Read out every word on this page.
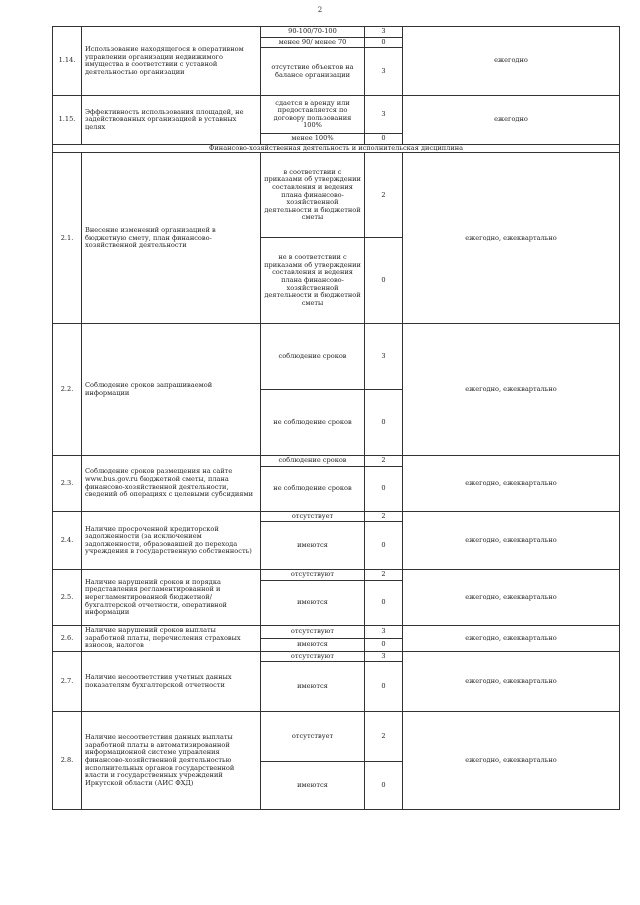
2
1.14.	Использование находящегося в оперативном управлении организации недвижимого имущества в соответствии с уставной деятельностью организации	90-100/70-100	3	ежегодно
		менее 90/ менее 70	0	
		отсутствие объектов на балансе организации	3	
1.15.	Эффективность использования площадей, не задействованных организацией в уставных целях	сдается в аренду или предоставляется по договору пользования 100%	3	ежегодно
		менее 100%	0	
Финансово-хозяйственная деятельность и исполнительская дисциплина				
2.1.	Внесение изменений организацией в бюджетную смету, план финансово-хозяйственной деятельности	в соответствии с приказами об утверждении составления и ведения плана финансово-хозяйственной деятельности и бюджетной сметы	2	ежегодно, ежеквартально
		не в соответствии с приказами об утверждении составления и ведения плана финансово-хозяйственной деятельности и бюджетной сметы	0	
2.2.	Соблюдение сроков запрашиваемой информации	соблюдение сроков	3	ежегодно, ежеквартально
		не соблюдение сроков	0	
2.3.	Соблюдение сроков размещения на сайте www.bus.gov.ru бюджетной сметы, плана финансово-хозяйственной деятельности, сведений об операциях с целевыми субсидиями	соблюдение сроков	2	ежегодно, ежеквартально
		не соблюдение сроков	0	
2.4.	Наличие просроченной кредиторской задолженности (за исключением задолженности, образовавшей до перехода учреждения в государственную собственность)	отсутствует	2	ежегодно, ежеквартально
		имеются	0	
2.5.	Наличие нарушений сроков и порядка представления регламентированной и нерегламентированной бюджетной/бухгалтерской отчетности, оперативной информации	отсутствуют	2	ежегодно, ежеквартально
		имеются	0	
2.6.	Наличие нарушений сроков выплаты заработной платы, перечисления страховых взносов, налогов	отсутствуют	3	ежегодно, ежеквартально
		имеются	0	
2.7.	Наличие несоответствия учетных данных показателям бухгалтерской отчетности	отсутствуют	3	ежегодно, ежеквартально
		имеются	0	
2.8.	Наличие несоответствия данных выплаты заработной платы в автоматизированной информационной системе управления финансово-хозяйственной деятельностью исполнительных органов государственной власти и государственных учреждений Иркутской области (АИС ФХД)	отсутствует	2	ежегодно, ежеквартально
		имеются	0	
